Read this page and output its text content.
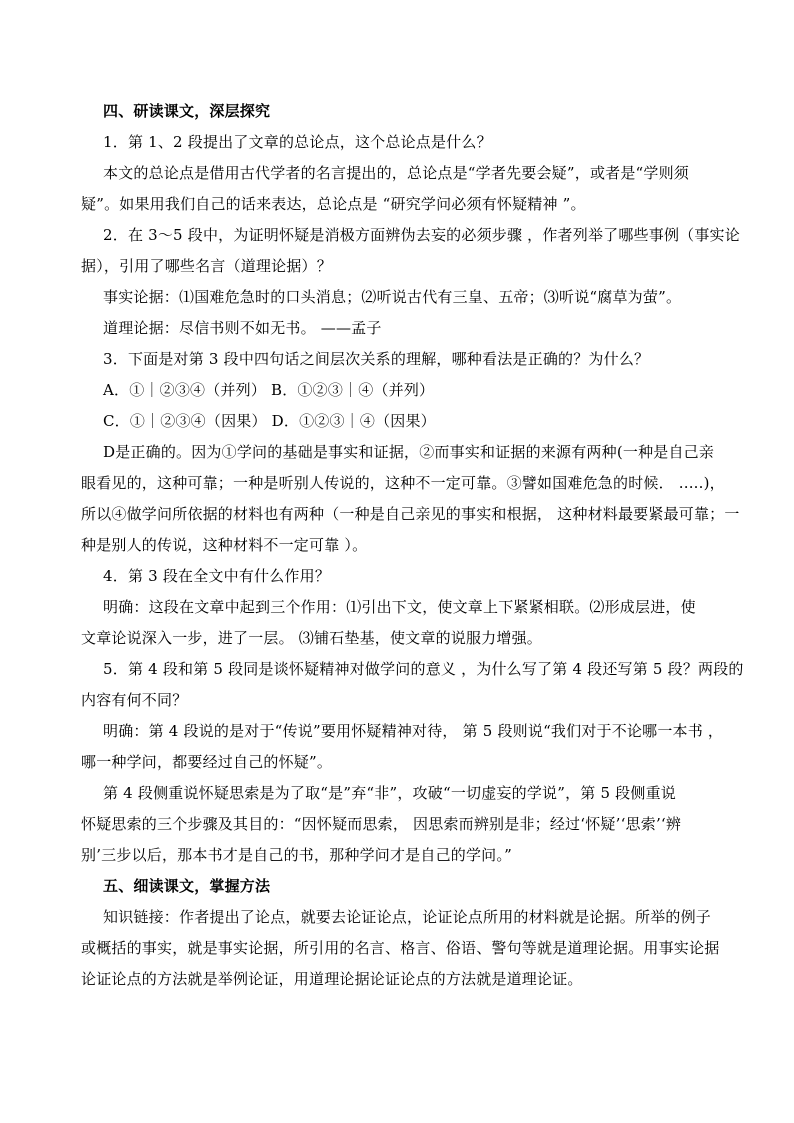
四、研读课文，深层探究
1．第 1、2 段提出了文章的总论点，这个总论点是什么？
本文的总论点是借用古代学者的名言提出的，总论点是“学者先要会疑”，或者是“学则须
疑”。如果用我们自己的话来表达，总论点是 “研究学问必须有怀疑精神 ”。
2．在 3～5 段中，为证明怀疑是消极方面辨伪去妄的必须步骤 ，作者列举了哪些事例（事实论
据），引用了哪些名言（道理论据）？
事实论据：⑴国难危急时的口头消息；⑵听说古代有三皇、五帝；⑶听说“腐草为萤”。
道理论据：尽信书则不如无书。 ——孟子
3．下面是对第 3 段中四句话之间层次关系的理解，哪种看法是正确的？为什么？
A．①｜②③④（并列） B．①②③｜④（并列）
C．①｜②③④（因果） D．①②③｜④（因果）
D是正确的。因为①学问的基础是事实和证据，②而事实和证据的来源有两种(一种是自己亲
眼看见的，这种可靠；一种是听别人传说的，这种不一定可靠。③譬如国难危急的时候． .....)，
所以④做学问所依据的材料也有两种（一种是自己亲见的事实和根据， 这种材料最要紧最可靠；一
种是别人的传说，这种材料不一定可靠 ）。
4．第 3 段在全文中有什么作用？
明确：这段在文章中起到三个作用：⑴引出下文，使文章上下紧紧相联。⑵形成层进，使
文章论说深入一步，进了一层。 ⑶铺石垫基，使文章的说服力增强。
5．第 4 段和第 5 段同是谈怀疑精神对做学问的意义 ，为什么写了第 4 段还写第 5 段？两段的
内容有何不同？
明确：第 4 段说的是对于“传说”要用怀疑精神对待， 第 5 段则说“我们对于不论哪一本书 ，
哪一种学问，都要经过自己的怀疑”。
第 4 段侧重说怀疑思索是为了取“是”弃“非”，攻破“一切虚妄的学说”，第 5 段侧重说
怀疑思索的三个步骤及其目的：“因怀疑而思索， 因思索而辨别是非；经过‘怀疑’‘思索’‘辨
别’三步以后，那本书才是自己的书，那种学问才是自己的学问。”
五、细读课文，掌握方法
知识链接：作者提出了论点，就要去论证论点，论证论点所用的材料就是论据。所举的例子
或概括的事实，就是事实论据，所引用的名言、格言、俗语、警句等就是道理论据。用事实论据
论证论点的方法就是举例论证，用道理论据论证论点的方法就是道理论证。
